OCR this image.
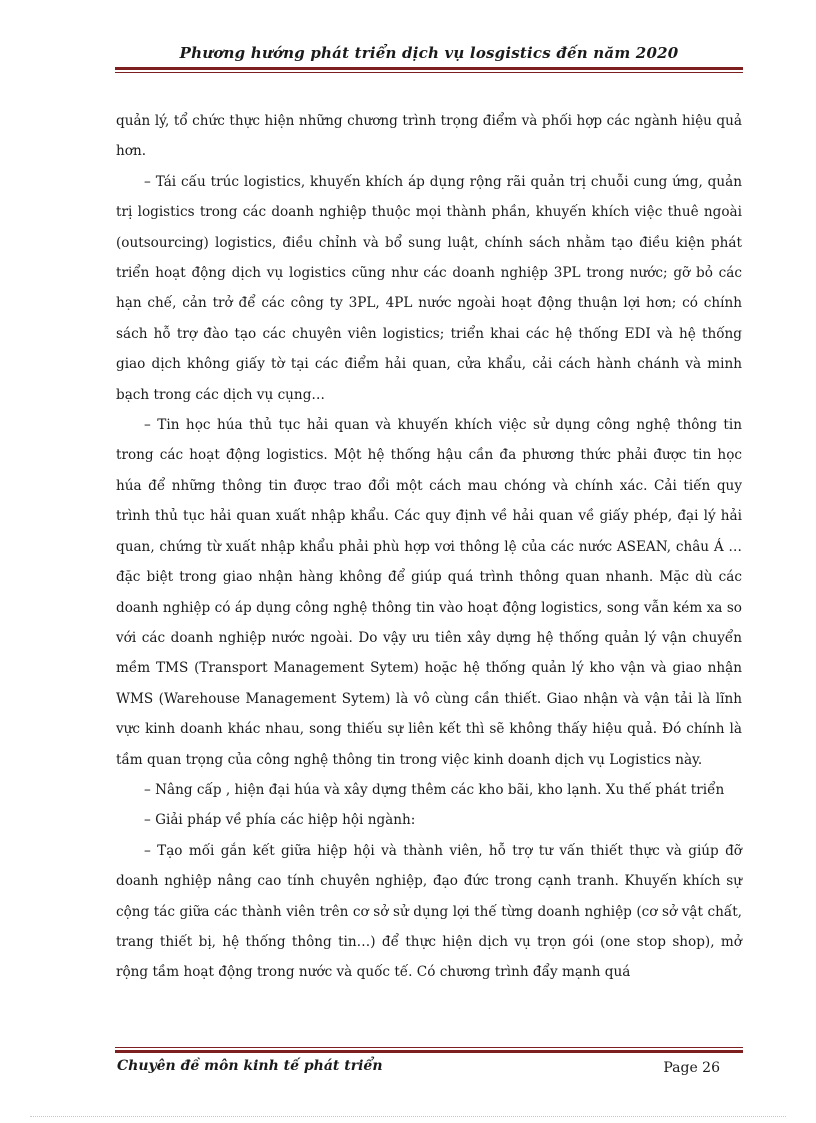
Phương hướng phát triển dịch vụ losgistics đến năm 2020

quản lý, tổ chức thực hiện những chương trình trọng điểm và phối hợp các ngành hiệu quả hơn.

– Tái cấu trúc logistics, khuyến khích áp dụng rộng rãi quản trị chuỗi cung ứng, quản trị logistics trong các doanh nghiệp thuộc mọi thành phần, khuyến khích việc thuê ngoài (outsourcing) logistics, điều chỉnh và bổ sung luật, chính sách nhằm tạo điều kiện phát triển hoạt động dịch vụ logistics cũng như các doanh nghiệp 3PL trong nước; gỡ bỏ các hạn chế, cản trở để các công ty 3PL, 4PL nước ngoài hoạt động thuận lợi hơn; có chính sách hỗ trợ đào tạo các chuyên viên logistics; triển khai các hệ thống EDI và hệ thống giao dịch không giấy tờ tại các điểm hải quan, cửa khẩu, cải cách hành chánh và minh bạch trong các dịch vụ cụng…

– Tin học húa thủ tục hải quan và khuyến khích việc sử dụng công nghệ thông tin trong các hoạt động logistics. Một hệ thống hậu cần đa phương thức phải được tin học húa để những thông tin được trao đổi một cách mau chóng và chính xác. Cải tiến quy trình thủ tục hải quan xuất nhập khẩu. Các quy định về hải quan về giấy phép, đại lý hải quan, chứng từ xuất nhập khẩu phải phù hợp vơi thông lệ của các nước ASEAN, châu Á …đặc biệt trong giao nhận hàng không để giúp quá trình thông quan nhanh. Mặc dù các doanh nghiệp có áp dụng công nghệ thông tin vào hoạt động logistics, song vẫn kém xa so với các doanh nghiệp nước ngoài. Do vậy ưu tiên xây dựng hệ thống quản lý vận chuyển mềm TMS (Transport Management Sytem) hoặc hệ thống quản lý kho vận và giao nhận WMS (Warehouse Management Sytem) là vô cùng cần thiết. Giao nhận và vận tải là lĩnh vực kinh doanh khác nhau, song thiếu sự liên kết thì sẽ không thấy hiệu quả. Đó chính là tầm quan trọng của công nghệ thông tin trong việc kinh doanh dịch vụ Logistics này.

– Nâng cấp , hiện đại húa và xây dựng thêm các kho bãi, kho lạnh. Xu thế phát triển

– Giải pháp về phía các hiệp hội ngành:

– Tạo mối gắn kết giữa hiệp hội và thành viên, hỗ trợ tư vấn thiết thực và giúp đỡ doanh nghiệp nâng cao tính chuyên nghiệp, đạo đức trong cạnh tranh. Khuyến khích sự cộng tác giữa các thành viên trên cơ sở sử dụng lợi thế từng doanh nghiệp (cơ sở vật chất, trang thiết bị, hệ thống thông tin…) để thực hiện dịch vụ trọn gói (one stop shop), mở rộng tầm hoạt động trong nước và quốc tế. Có chương trình đẩy mạnh quá

Chuyên đề môn kinh tế phát triển	Page 26
